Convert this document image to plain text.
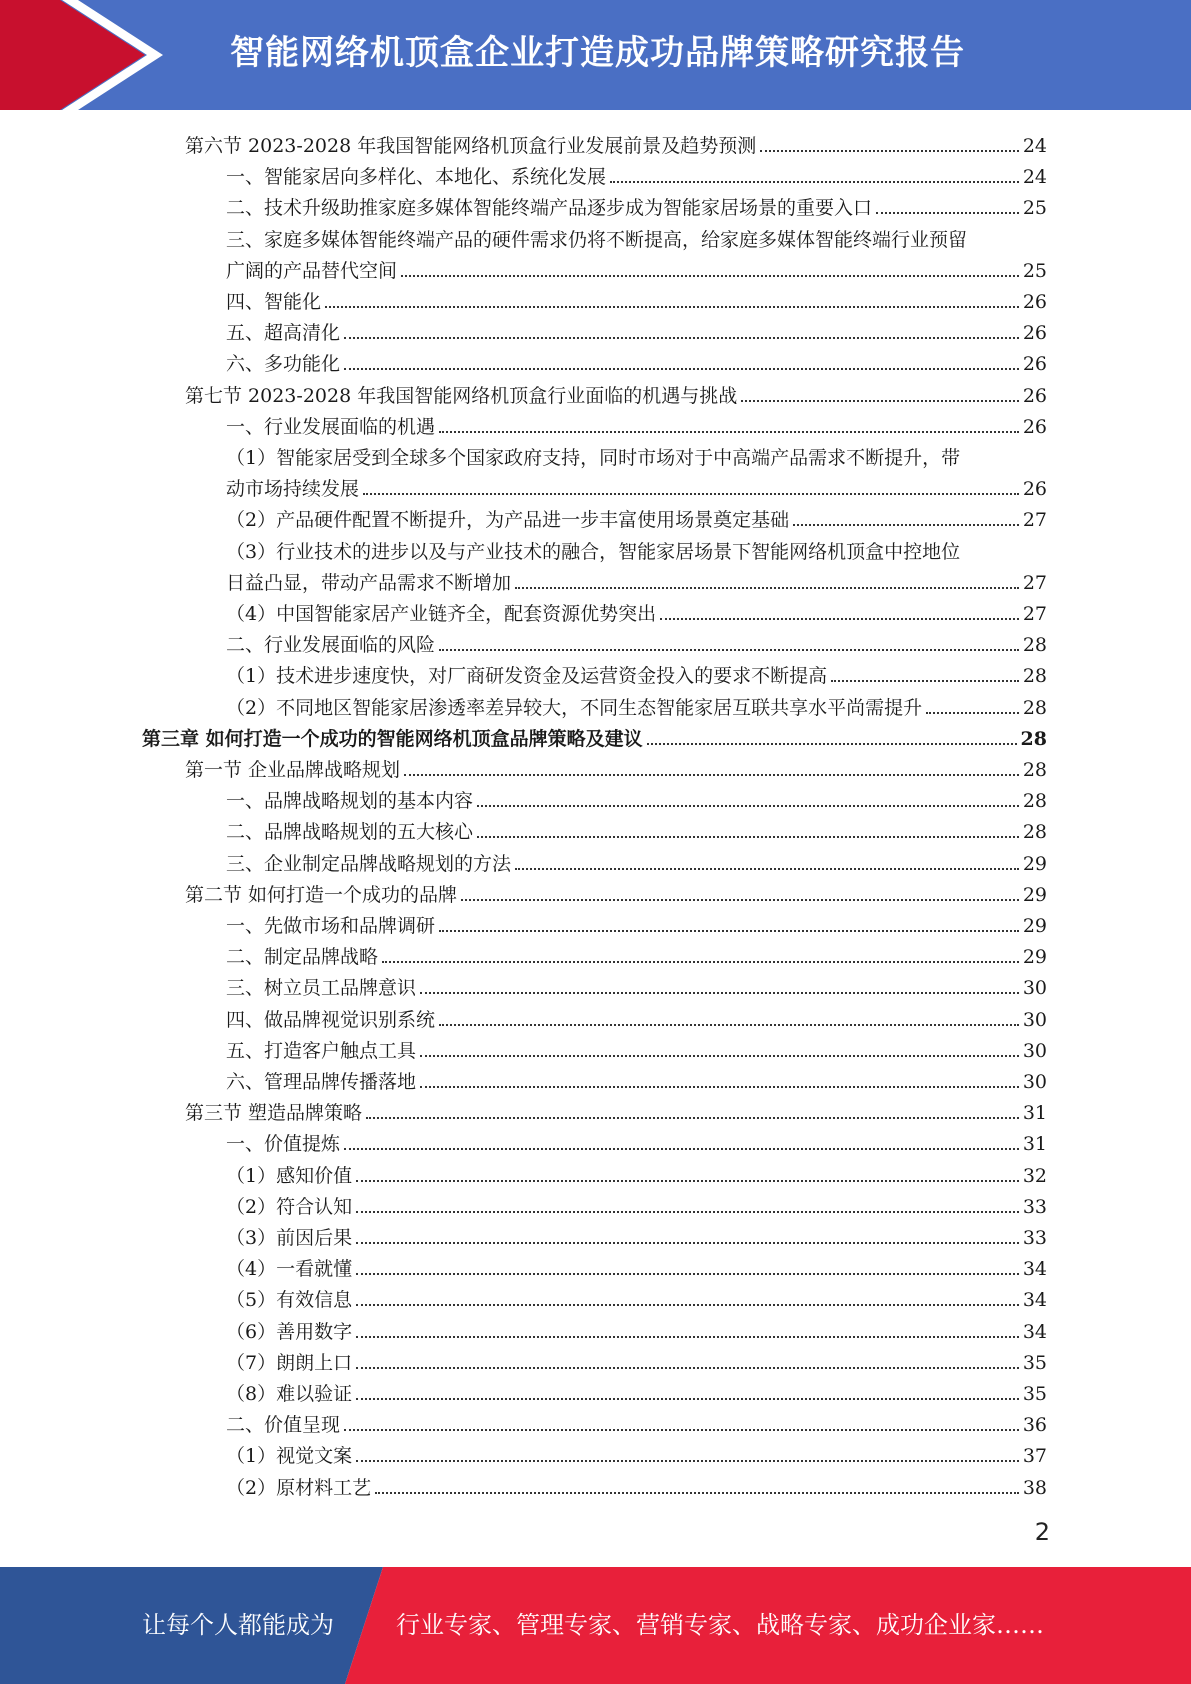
智能网络机顶盒企业打造成功品牌策略研究报告
第六节 2023-2028 年我国智能网络机顶盒行业发展前景及趋势预测	24
一、智能家居向多样化、本地化、系统化发展	24
二、技术升级助推家庭多媒体智能终端产品逐步成为智能家居场景的重要入口	25
三、家庭多媒体智能终端产品的硬件需求仍将不断提高，给家庭多媒体智能终端行业预留
广阔的产品替代空间	25
四、智能化	26
五、超高清化	26
六、多功能化	26
第七节 2023-2028 年我国智能网络机顶盒行业面临的机遇与挑战	26
一、行业发展面临的机遇	26
（1）智能家居受到全球多个国家政府支持，同时市场对于中高端产品需求不断提升，带
动市场持续发展	26
（2）产品硬件配置不断提升，为产品进一步丰富使用场景奠定基础	27
（3）行业技术的进步以及与产业技术的融合，智能家居场景下智能网络机顶盒中控地位
日益凸显，带动产品需求不断增加	27
（4）中国智能家居产业链齐全，配套资源优势突出	27
二、行业发展面临的风险	28
（1）技术进步速度快，对厂商研发资金及运营资金投入的要求不断提高	28
（2）不同地区智能家居渗透率差异较大，不同生态智能家居互联共享水平尚需提升	28
第三章 如何打造一个成功的智能网络机顶盒品牌策略及建议	28
第一节 企业品牌战略规划	28
一、品牌战略规划的基本内容	28
二、品牌战略规划的五大核心	28
三、企业制定品牌战略规划的方法	29
第二节 如何打造一个成功的品牌	29
一、先做市场和品牌调研	29
二、制定品牌战略	29
三、树立员工品牌意识	30
四、做品牌视觉识别系统	30
五、打造客户触点工具	30
六、管理品牌传播落地	30
第三节 塑造品牌策略	31
一、价值提炼	31
（1）感知价值	32
（2）符合认知	33
（3）前因后果	33
（4）一看就懂	34
（5）有效信息	34
（6）善用数字	34
（7）朗朗上口	35
（8）难以验证	35
二、价值呈现	36
（1）视觉文案	37
（2）原材料工艺	38
2
让每个人都能成为	行业专家、管理专家、营销专家、战略专家、成功企业家……
